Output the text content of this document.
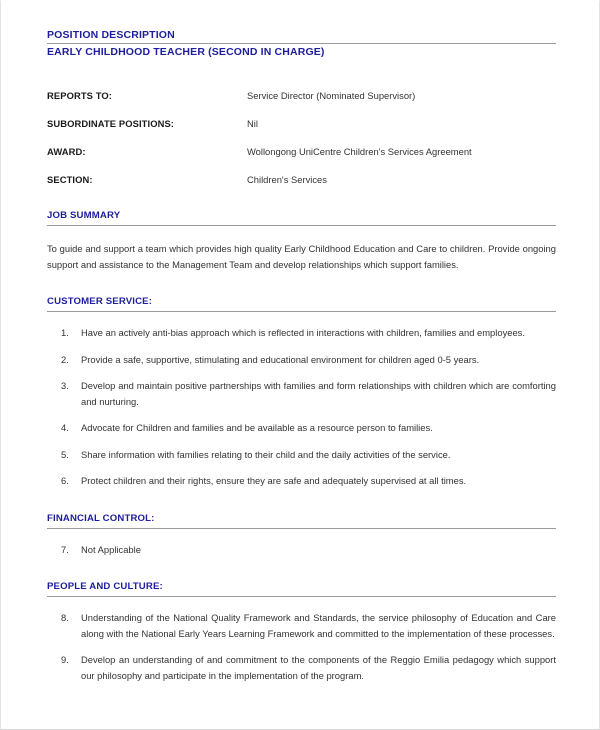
POSITION DESCRIPTION
EARLY CHILDHOOD TEACHER (SECOND IN CHARGE)
REPORTS TO:	Service Director (Nominated Supervisor)
SUBORDINATE POSITIONS:	Nil
AWARD:	Wollongong UniCentre Children's Services Agreement
SECTION:	Children's Services
JOB SUMMARY

To guide and support a team which provides high quality Early Childhood Education and Care to children. Provide ongoing support and assistance to the Management Team and develop relationships which support families.

CUSTOMER SERVICE:
1.	Have an actively anti-bias approach which is reflected in interactions with children, families and employees.
2.	Provide a safe, supportive, stimulating and educational environment for children aged 0-5 years.
3.	Develop and maintain positive partnerships with families and form relationships with children which are comforting and nurturing.
4.	Advocate for Children and families and be available as a resource person to families.
5.	Share information with families relating to their child and the daily activities of the service.
6.	Protect children and their rights, ensure they are safe and adequately supervised at all times.
FINANCIAL CONTROL:
7.	Not Applicable
PEOPLE AND CULTURE:
8.	Understanding of the National Quality Framework and Standards, the service philosophy of Education and Care along with the National Early Years Learning Framework and committed to the implementation of these processes.
9.	Develop an understanding of and commitment to the components of the Reggio Emilia pedagogy which support our philosophy and participate in the implementation of the program.
